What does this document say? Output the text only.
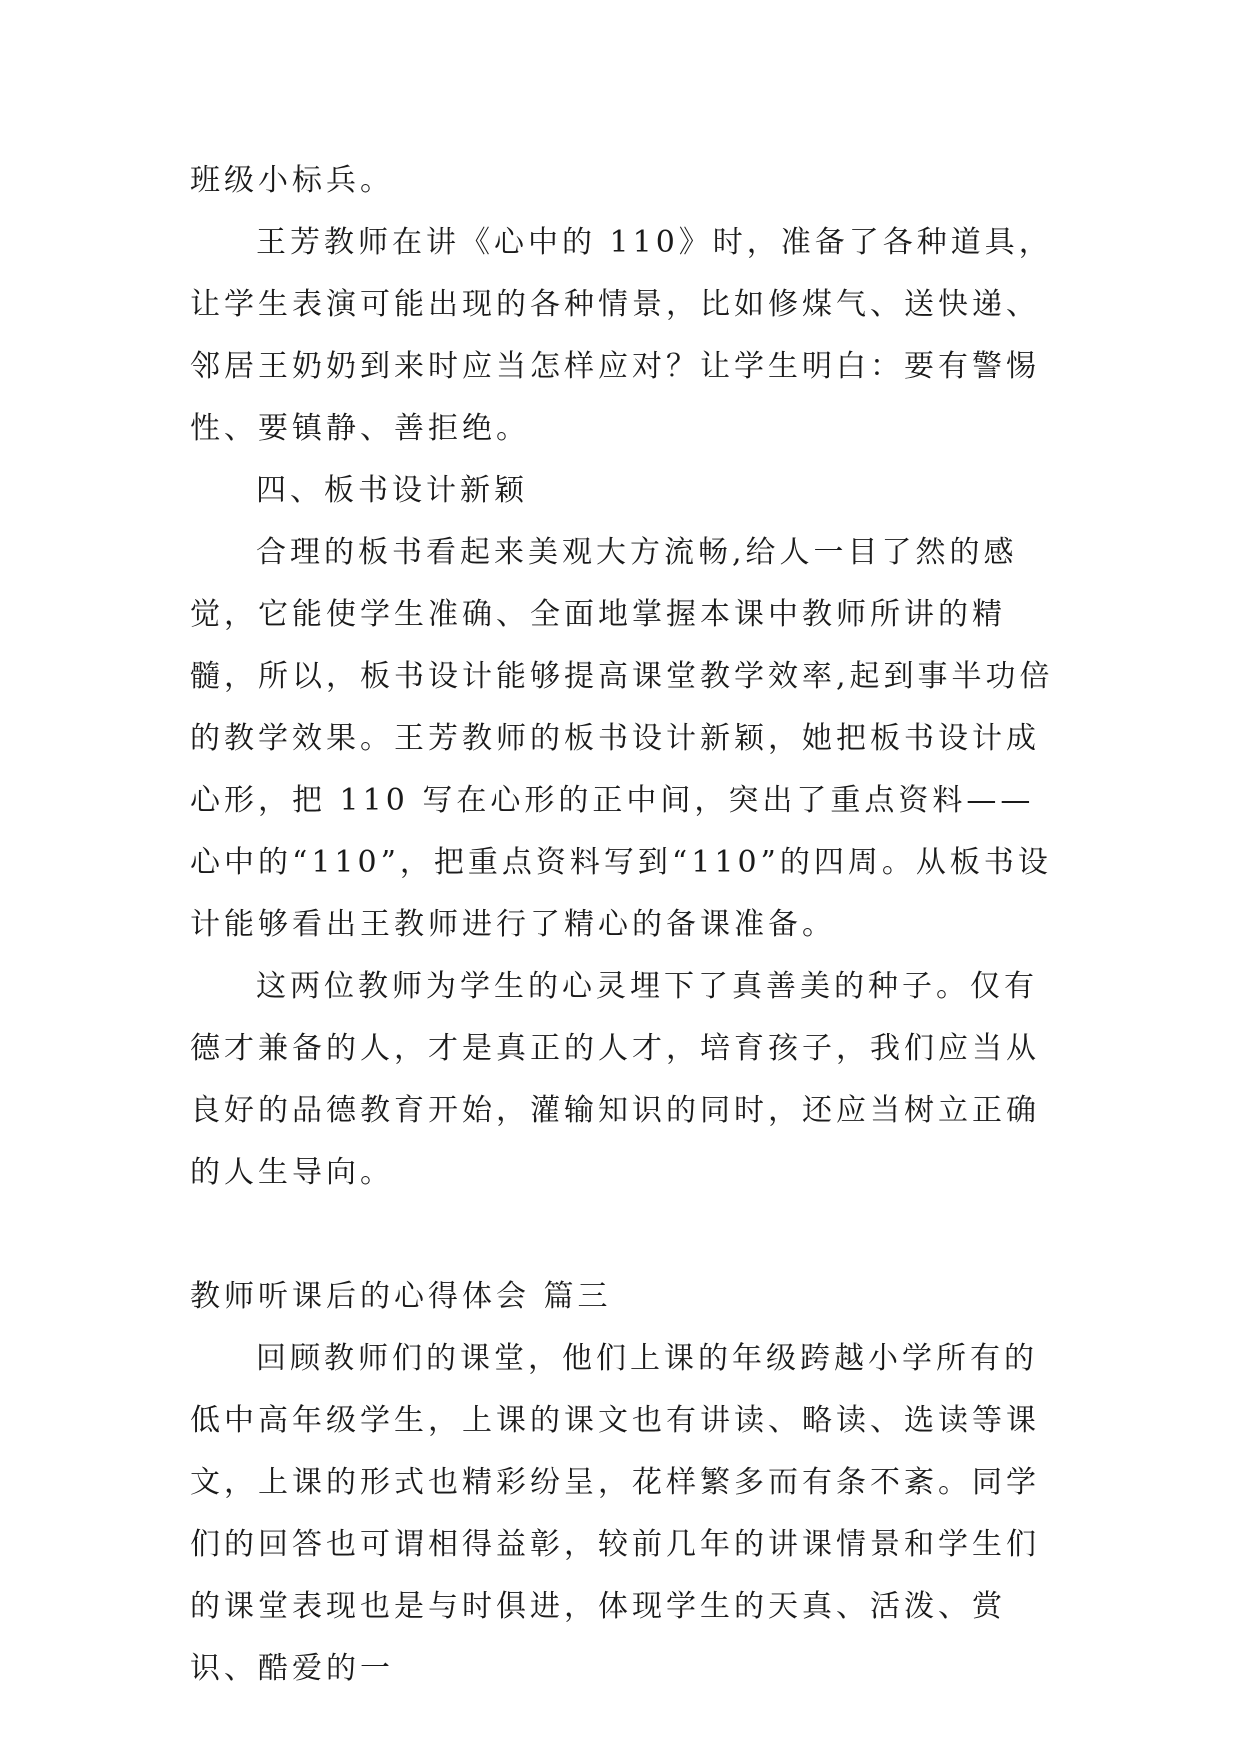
班级小标兵。

王芳教师在讲《心中的 110》时，准备了各种道具，让学生表演可能出现的各种情景，比如修煤气、送快递、邻居王奶奶到来时应当怎样应对？让学生明白：要有警惕性、要镇静、善拒绝。

四、板书设计新颖

合理的板书看起来美观大方流畅,给人一目了然的感觉，它能使学生准确、全面地掌握本课中教师所讲的精髓，所以，板书设计能够提高课堂教学效率,起到事半功倍的教学效果。王芳教师的板书设计新颖，她把板书设计成心形，把 110 写在心形的正中间，突出了重点资料——心中的“110”，把重点资料写到“110”的四周。从板书设计能够看出王教师进行了精心的备课准备。

这两位教师为学生的心灵埋下了真善美的种子。仅有德才兼备的人，才是真正的人才，培育孩子，我们应当从良好的品德教育开始，灌输知识的同时，还应当树立正确的人生导向。

教师听课后的心得体会 篇三

回顾教师们的课堂，他们上课的年级跨越小学所有的低中高年级学生，上课的课文也有讲读、略读、选读等课文，上课的形式也精彩纷呈，花样繁多而有条不紊。同学们的回答也可谓相得益彰，较前几年的讲课情景和学生们的课堂表现也是与时俱进，体现学生的天真、活泼、赏识、酷爱的一
